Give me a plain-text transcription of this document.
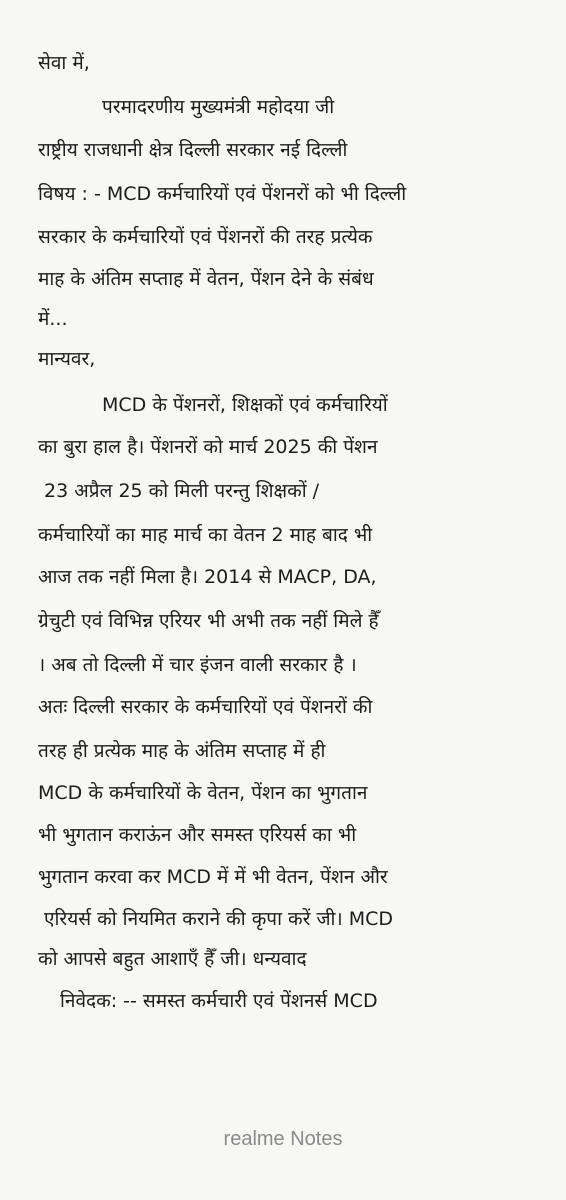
सेवा में,
परमादरणीय मुख्यमंत्री महोदया जी
राष्ट्रीय राजधानी क्षेत्र दिल्ली सरकार नई दिल्ली
विषय : - MCD कर्मचारियों एवं पेंशनरों को भी दिल्ली
सरकार के कर्मचारियों एवं पेंशनरों की तरह प्रत्येक
माह के अंतिम सप्ताह में वेतन, पेंशन देने के संबंध
में...
मान्यवर,
MCD के पेंशनरों, शिक्षकों एवं कर्मचारियों
का बुरा हाल है। पेंशनरों को मार्च 2025 की पेंशन
23 अप्रैल 25 को मिली परन्तु शिक्षकों /
कर्मचारियों का माह मार्च का वेतन 2 माह बाद भी
आज तक नहीं मिला है। 2014 से MACP, DA,
ग्रेचुटी एवं विभिन्न एरियर भी अभी तक नहीं मिले हैँ
। अब तो दिल्ली में चार इंजन वाली सरकार है ।
अतः दिल्ली सरकार के कर्मचारियों एवं पेंशनरों की
तरह ही प्रत्येक माह के अंतिम सप्ताह में ही
MCD के कर्मचारियों के वेतन, पेंशन का भुगतान
भी भुगतान कराऊंन और समस्त एरियर्स का भी
भुगतान करवा कर MCD में में भी वेतन, पेंशन और
एरियर्स को नियमित कराने की कृपा करें जी। MCD
को आपसे बहुत आशाएँ हैँ जी। धन्यवाद
निवेदक: -- समस्त कर्मचारी एवं पेंशनर्स MCD
realme Notes
